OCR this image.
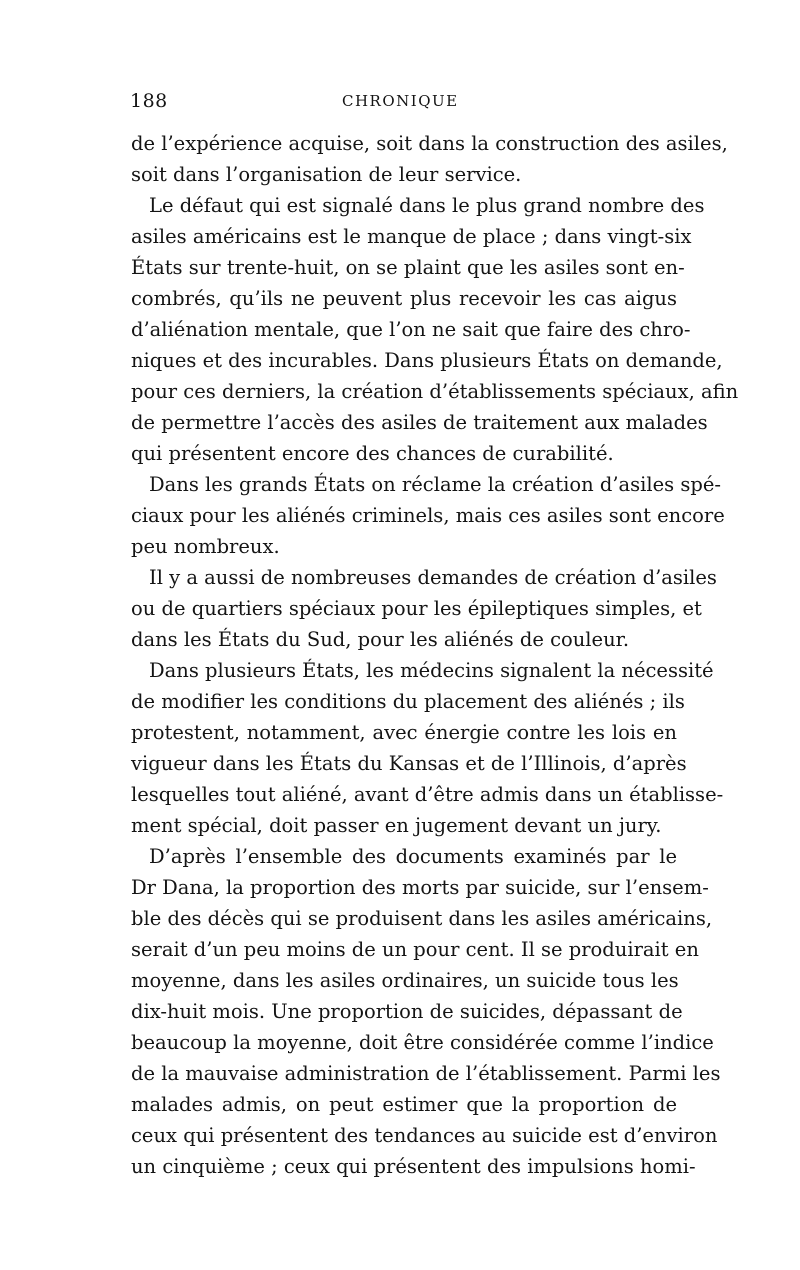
188	CHRONIQUE
de l’expérience acquise, soit dans la construction des asiles,
soit dans l’organisation de leur service.
Le défaut qui est signalé dans le plus grand nombre des
asiles américains est le manque de place ; dans vingt-six
États sur trente-huit, on se plaint que les asiles sont en-
combrés, qu’ils ne peuvent plus recevoir les cas aigus
d’aliénation mentale, que l’on ne sait que faire des chro-
niques et des incurables. Dans plusieurs États on demande,
pour ces derniers, la création d’établissements spéciaux, afin
de permettre l’accès des asiles de traitement aux malades
qui présentent encore des chances de curabilité.
Dans les grands États on réclame la création d’asiles spé-
ciaux pour les aliénés criminels, mais ces asiles sont encore
peu nombreux.
Il y a aussi de nombreuses demandes de création d’asiles
ou de quartiers spéciaux pour les épileptiques simples, et
dans les États du Sud, pour les aliénés de couleur.
Dans plusieurs États, les médecins signalent la nécessité
de modifier les conditions du placement des aliénés ; ils
protestent, notamment, avec énergie contre les lois en
vigueur dans les États du Kansas et de l’Illinois, d’après
lesquelles tout aliéné, avant d’être admis dans un établisse-
ment spécial, doit passer en jugement devant un jury.
D’après l’ensemble des documents examinés par le
Dr Dana, la proportion des morts par suicide, sur l’ensem-
ble des décès qui se produisent dans les asiles américains,
serait d’un peu moins de un pour cent. Il se produirait en
moyenne, dans les asiles ordinaires, un suicide tous les
dix-huit mois. Une proportion de suicides, dépassant de
beaucoup la moyenne, doit être considérée comme l’indice
de la mauvaise administration de l’établissement. Parmi les
malades admis, on peut estimer que la proportion de
ceux qui présentent des tendances au suicide est d’environ
un cinquième ; ceux qui présentent des impulsions homi-
